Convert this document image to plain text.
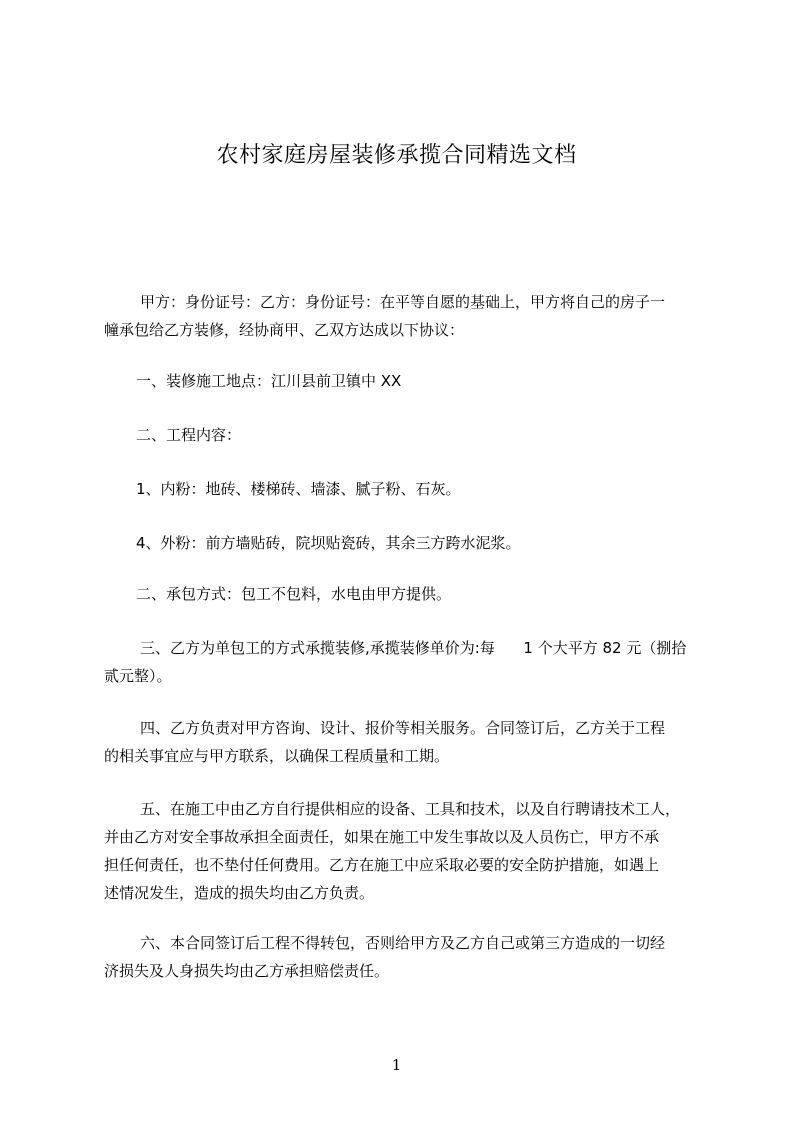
农村家庭房屋装修承揽合同精选文档
甲方：身份证号：乙方：身份证号：在平等自愿的基础上，甲方将自己的房子一
幢承包给乙方装修，经协商甲、乙双方达成以下协议：
一、装修施工地点：江川县前卫镇中 XX
二、工程内容：
1、内粉：地砖、楼梯砖、墙漆、腻子粉、石灰。
4、外粉：前方墙贴砖，院坝贴瓷砖，其余三方跨水泥浆。
二、承包方式：包工不包料，水电由甲方提供。
三、乙方为单包工的方式承揽装修,承揽装修单价为:每      1 个大平方 82 元（捌拾
贰元整）。
四、乙方负责对甲方咨询、设计、报价等相关服务。合同签订后，乙方关于工程
的相关事宜应与甲方联系，以确保工程质量和工期。
五、在施工中由乙方自行提供相应的设备、工具和技术，以及自行聘请技术工人，
并由乙方对安全事故承担全面责任，如果在施工中发生事故以及人员伤亡，甲方不承
担任何责任，也不垫付任何费用。乙方在施工中应采取必要的安全防护措施，如遇上
述情况发生，造成的损失均由乙方负责。
六、本合同签订后工程不得转包，否则给甲方及乙方自己或第三方造成的一切经
济损失及人身损失均由乙方承担赔偿责任。
1
